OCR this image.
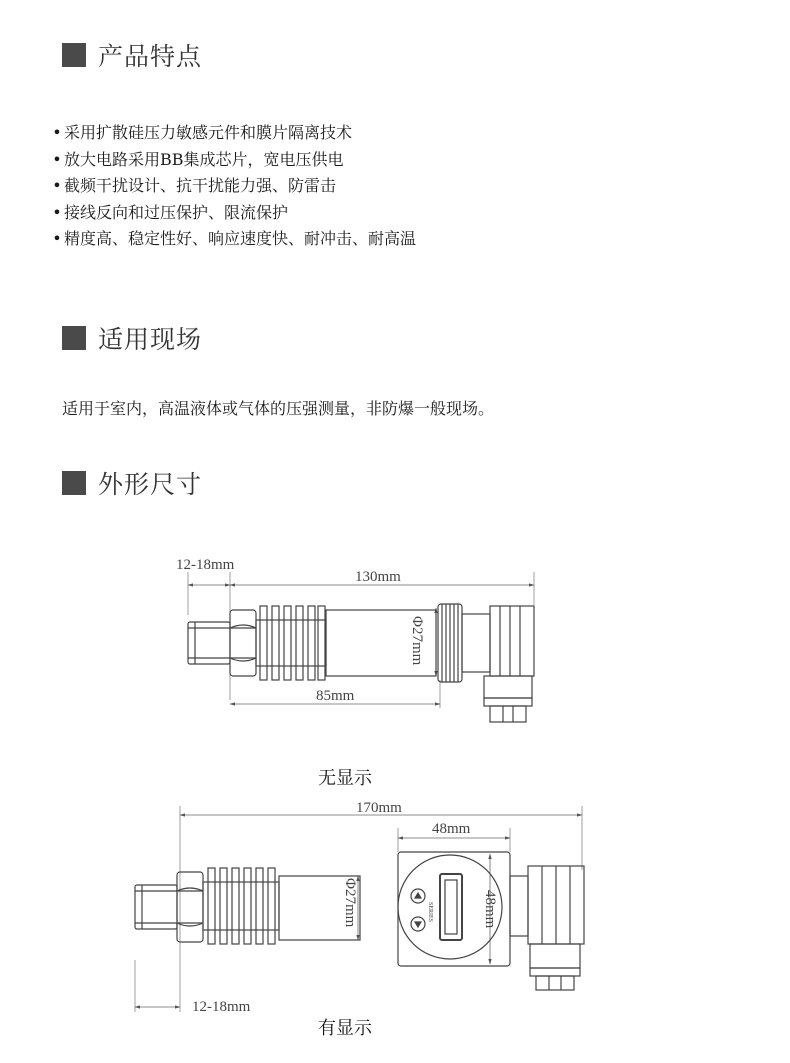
产品特点
• 采用扩散硅压力敏感元件和膜片隔离技术
• 放大电路采用BB集成芯片，宽电压供电
• 截频干扰设计、抗干扰能力强、防雷击
• 接线反向和过压保护、限流保护
• 精度高、稳定性好、响应速度快、耐冲击、耐高温
适用现场
适用于室内，高温液体或气体的压强测量，非防爆一般现场。
外形尺寸
12-18mm
130mm
85mm
Φ27mm
无显示
SERIES
170mm
48mm
48mm
Φ27mm
12-18mm
有显示
